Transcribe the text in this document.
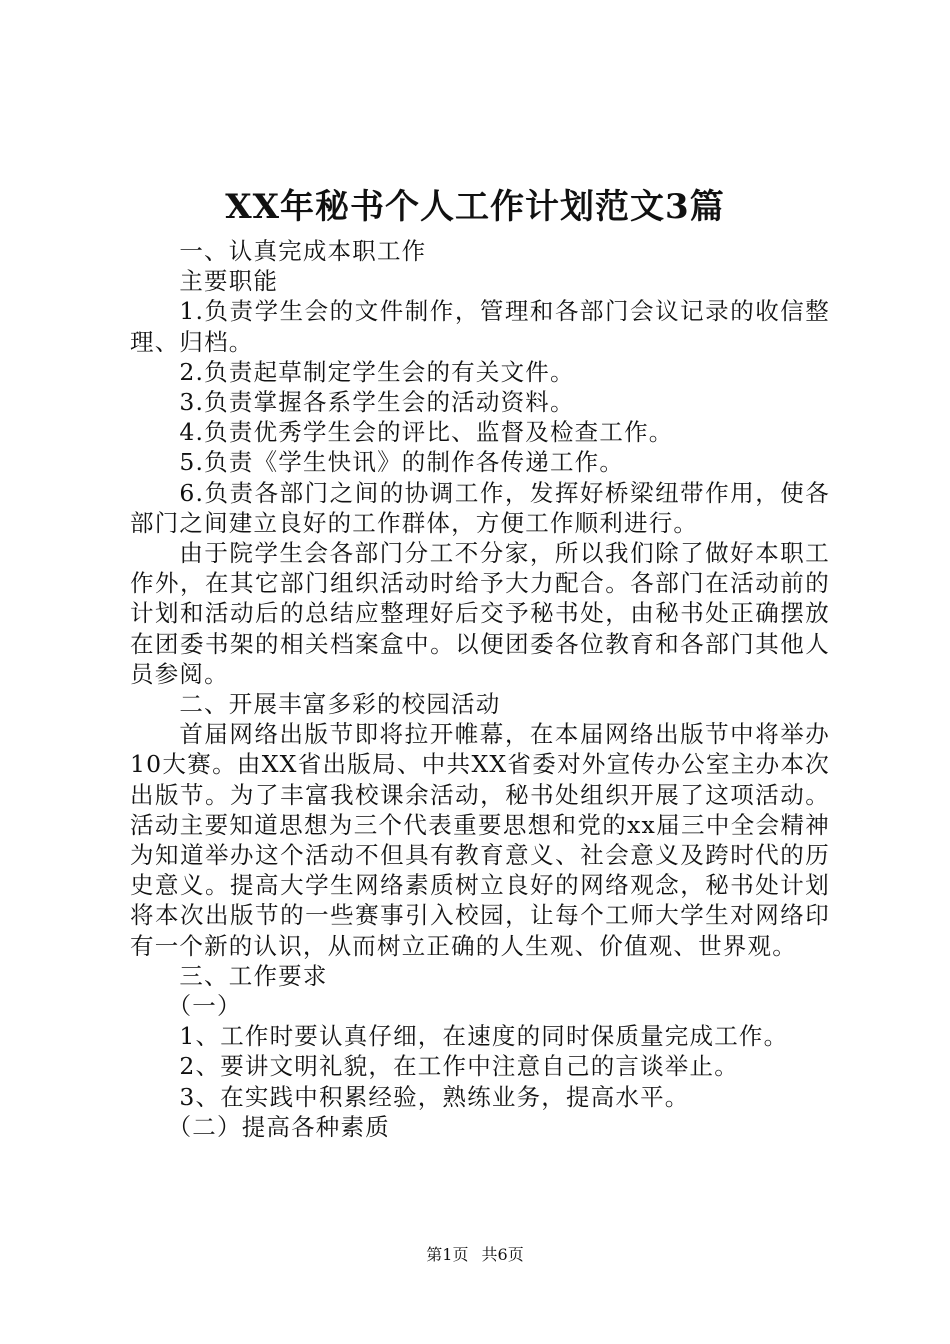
XX年秘书个人工作计划范文3篇

一、认真完成本职工作

主要职能

1.负责学生会的文件制作，管理和各部门会议记录的收信整理、归档。

2.负责起草制定学生会的有关文件。

3.负责掌握各系学生会的活动资料。

4.负责优秀学生会的评比、监督及检查工作。

5.负责《学生快讯》的制作各传递工作。

6.负责各部门之间的协调工作，发挥好桥梁纽带作用，使各部门之间建立良好的工作群体，方便工作顺利进行。

由于院学生会各部门分工不分家，所以我们除了做好本职工作外，在其它部门组织活动时给予大力配合。各部门在活动前的计划和活动后的总结应整理好后交予秘书处，由秘书处正确摆放在团委书架的相关档案盒中。以便团委各位教育和各部门其他人员参阅。

二、开展丰富多彩的校园活动

首届网络出版节即将拉开帷幕，在本届网络出版节中将举办10大赛。由XX省出版局、中共XX省委对外宣传办公室主办本次出版节。为了丰富我校课余活动，秘书处组织开展了这项活动。活动主要知道思想为三个代表重要思想和党的xx届三中全会精神为知道举办这个活动不但具有教育意义、社会意义及跨时代的历史意义。提高大学生网络素质树立良好的网络观念，秘书处计划将本次出版节的一些赛事引入校园，让每个工师大学生对网络印有一个新的认识，从而树立正确的人生观、价值观、世界观。

三、工作要求

（一）

1、工作时要认真仔细，在速度的同时保质量完成工作。

2、要讲文明礼貌，在工作中注意自己的言谈举止。

3、在实践中积累经验，熟练业务，提高水平。

（二）提高各种素质

第1页 共6页
